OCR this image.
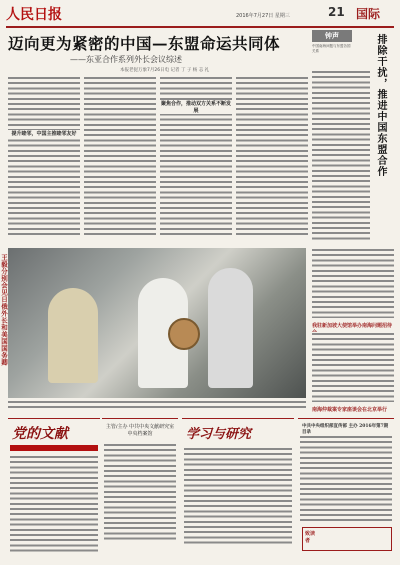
人民日报	2016年7月27日 星期三	21 国际
迈向更为紧密的中国—东盟命运共同体
——东亚合作系列外长会议综述
本报老挝万象7月26日电 记者 丁 子 杨 志 礼
提升睦邻，中国主推睦邻友好
聚焦合作，推动双方关系不断发展
钟声
中国南海问题与东盟各国关系	排除干扰，推进中国东盟合作
王毅分别会见日俄外长和美国国务卿	我驻新加坡大使馆举办南海问题招待
南海仲裁案专家座谈会在北京举行
党的文献	主管/主办 中共中央文献研究室 中央档案馆	学习与研究
中共中央组织部宣传部 主办 2016年第7期目录
致读者
